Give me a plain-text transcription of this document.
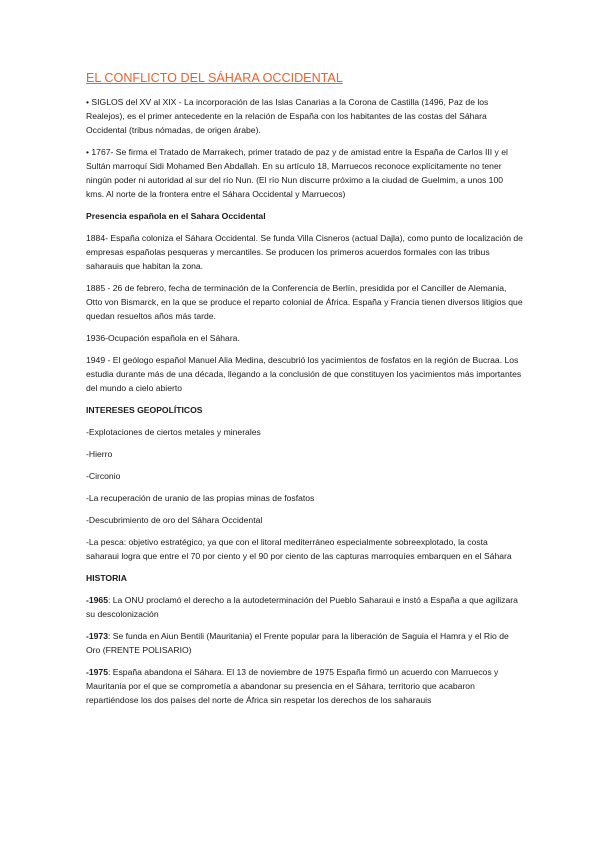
EL CONFLICTO DEL SÁHARA OCCIDENTAL

• SIGLOS del XV al XIX - La incorporación de las Islas Canarias a la Corona de Castilla (1496, Paz de los Realejos), es el primer antecedente en la relación de España con los habitantes de las costas del Sáhara Occidental (tribus nómadas, de origen árabe).

• 1767- Se firma el Tratado de Marrakech, primer tratado de paz y de amistad entre la España de Carlos III y el Sultán marroquí Sidi Mohamed Ben Abdallah. En su artículo 18, Marruecos reconoce explícitamente no tener ningún poder ni autoridad al sur del río Nun. (El río Nun discurre próximo a la ciudad de Guelmim, a unos 100 kms. Al norte de la frontera entre el Sáhara Occidental y Marruecos)

Presencia española en el Sahara Occidental

1884- España coloniza el Sáhara Occidental. Se funda Villa Cisneros (actual Dajla), como punto de localización de empresas españolas pesqueras y mercantiles. Se producen los primeros acuerdos formales con las tribus saharauis que habitan la zona.

1885 - 26 de febrero, fecha de terminación de la Conferencia de Berlín, presidida por el Canciller de Alemania, Otto von Bismarck, en la que se produce el reparto colonial de África. España y Francia tienen diversos litigios que quedan resueltos años más tarde.

1936-Ocupación española en el Sáhara.

1949 - El geólogo español Manuel Alia Medina, descubrió los yacimientos de fosfatos en la región de Bucraa. Los estudia durante más de una década, llegando a la conclusión de que constituyen los yacimientos más importantes del mundo a cielo abierto

INTERESES GEOPOLÍTICOS

-Explotaciones de ciertos metales y minerales

-Hierro

-Circonio

-La recuperación de uranio de las propias minas de fosfatos

-Descubrimiento de oro del Sáhara Occidental

-La pesca: objetivo estratégico, ya que con el litoral mediterráneo especialmente sobreexplotado, la costa saharaui logra que entre el 70 por ciento y el 90 por ciento de las capturas marroquíes embarquen en el Sáhara

HISTORIA

-1965: La ONU proclamó el derecho a la autodeterminación del Pueblo Saharaui e instó a España a que agilizara su descolonización

-1973: Se funda en Aiun Bentili (Mauritania) el Frente popular para la liberación de Saguia el Hamra y el Rio de Oro (FRENTE POLISARIO)

-1975: España abandona el Sáhara. El 13 de noviembre de 1975 España firmó un acuerdo con Marruecos y Mauritania por el que se comprometía a abandonar su presencia en el Sáhara, territorio que acabaron repartiéndose los dos países del norte de África sin respetar los derechos de los saharauis
